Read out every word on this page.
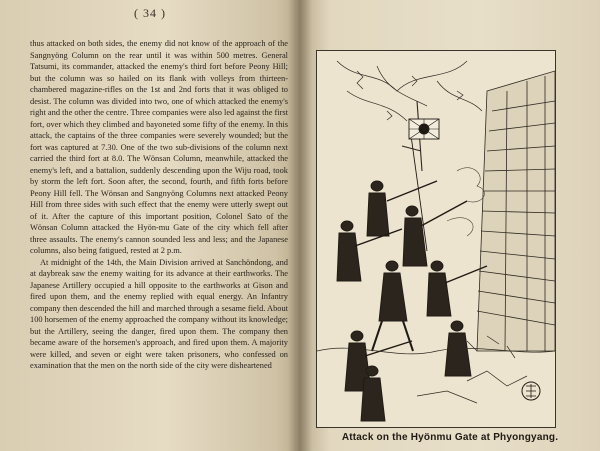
( 34 )

thus attacked on both sides, the enemy did not know of the approach of the Sangnyöng Column on the rear until it was within 500 metres. General Tatsumi, its commander, attacked the enemy's third fort before Peony Hill; but the column was so hailed on its flank with volleys from thirteen-chambered magazine-rifles on the 1st and 2nd forts that it was obliged to desist. The column was divided into two, one of which attacked the enemy's right and the other the centre. Three companies were also led against the first fort, over which they climbed and bayoneted some fifty of the enemy. In this attack, the captains of the three companies were severely wounded; but the fort was captured at 7.30. One of the two sub-divisions of the column next carried the third fort at 8.0. The Wönsan Column, meanwhile, attacked the enemy's left, and a battalion, suddenly descending upon the Wiju road, took by storm the left fort. Soon after, the second, fourth, and fifth forts before Peony Hill fell. The Wönsan and Sangnyöng Columns next attacked Peony Hill from three sides with such effect that the enemy were utterly swept out of it. After the capture of this important position, Colonel Sato of the Wönsan Column attacked the Hyön-mu Gate of the city which fell after three assaults. The enemy's cannon sounded less and less; and the Japanese columns, also being fatigued, rested at 2 p.m.

At midnight of the 14th, the Main Division arrived at Sanchöndong, and at daybreak saw the enemy waiting for its advance at their earthworks. The Japanese Artillery occupied a hill opposite to the earthworks at Gison and fired upon them, and the enemy replied with equal energy. An Infantry company then descended the hill and marched through a sesame field. About 100 horsemen of the enemy approached the company without its knowledge; but the Artillery, seeing the danger, fired upon them. The company then became aware of the horsemen's approach, and fired upon them. A majority were killed, and seven or eight were taken prisoners, who confessed on examination that the men on the north side of the city were disheartened

Attack on the Hyönmu Gate at Phyongyang.
